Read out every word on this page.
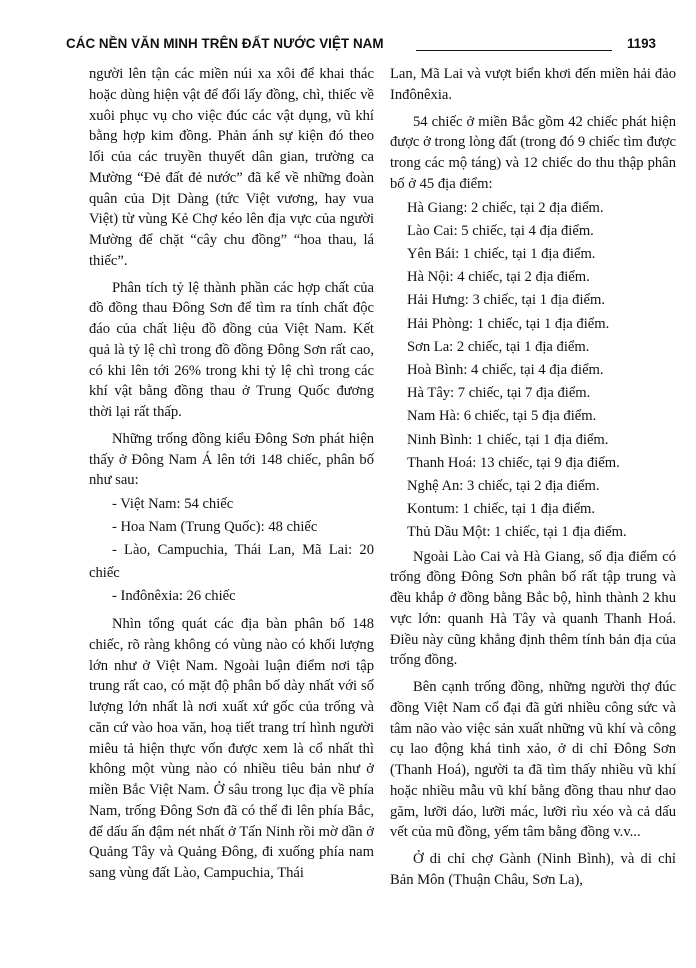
CÁC NỀN VĂN MINH TRÊN ĐẤT NƯỚC VIỆT NAM	1193

người lên tận các miền núi xa xôi để khai thác hoặc dùng hiện vật để đổi lấy đồng, chì, thiếc về xuôi phục vụ cho việc đúc các vật dụng, vũ khí bằng hợp kim đồng. Phản ánh sự kiện đó theo lối của các truyền thuyết dân gian, trường ca Mường “Đẻ đất đẻ nước” đã kể về những đoàn quân của Dịt Dàng (tức Việt vương, hay vua Việt) từ vùng Kẻ Chợ kéo lên địa vực của người Mường để chặt “cây chu đồng” “hoa thau, lá thiếc”.

Phân tích tỷ lệ thành phần các hợp chất của đồ đồng thau Đông Sơn để tìm ra tính chất độc đáo của chất liệu đồ đồng của Việt Nam. Kết quả là tỷ lệ chì trong đồ đồng Đông Sơn rất cao, có khi lên tới 26% trong khi tỷ lệ chì trong các khí vật bằng đồng thau ở Trung Quốc đương thời lại rất thấp.

Những trống đồng kiểu Đông Sơn phát hiện thấy ở Đông Nam Á lên tới 148 chiếc, phân bố như sau:

- Việt Nam: 54 chiếc

- Hoa Nam (Trung Quốc): 48 chiếc

- Lào, Campuchia, Thái Lan, Mã Lai: 20 chiếc

- Inđônêxia: 26 chiếc

Nhìn tổng quát các địa bàn phân bố 148 chiếc, rõ ràng không có vùng nào có khối lượng lớn như ở Việt Nam. Ngoài luận điểm nơi tập trung rất cao, có mặt độ phân bố dày nhất với số lượng lớn nhất là nơi xuất xứ gốc của trống và căn cứ vào hoa văn, hoạ tiết trang trí hình người miêu tả hiện thực vốn được xem là cổ nhất thì không một vùng nào có nhiều tiêu bản như ở miền Bắc Việt Nam. Ở sâu trong lục địa về phía Nam, trống Đông Sơn đã có thể đi lên phía Bắc, để dấu ấn đậm nét nhất ở Tấn Ninh rồi mờ dần ở Quảng Tây và Quảng Đông, đi xuống phía nam sang vùng đất Lào, Campuchia, Thái

Lan, Mã Lai và vượt biển khơi đến miền hải đảo Inđônêxia.

54 chiếc ở miền Bắc gồm 42 chiếc phát hiện được ở trong lòng đất (trong đó 9 chiếc tìm được trong các mộ táng) và 12 chiếc do thu thập phân bố ở 45 địa điểm:

Hà Giang: 2 chiếc, tại 2 địa điểm.

Lào Cai: 5 chiếc, tại 4 địa điểm.

Yên Bái: 1 chiếc, tại 1 địa điểm.

Hà Nội: 4 chiếc, tại 2 địa điểm.

Hải Hưng: 3 chiếc, tại 1 địa điểm.

Hải Phòng: 1 chiếc, tại 1 địa điểm.

Sơn La: 2 chiếc, tại 1 địa điểm.

Hoà Bình: 4 chiếc, tại 4 địa điểm.

Hà Tây: 7 chiếc, tại 7 địa điểm.

Nam Hà: 6 chiếc, tại 5 địa điểm.

Ninh Bình: 1 chiếc, tại 1 địa điểm.

Thanh Hoá: 13 chiếc, tại 9 địa điểm.

Nghệ An: 3 chiếc, tại 2 địa điểm.

Kontum: 1 chiếc, tại 1 địa điểm.

Thủ Dầu Một: 1 chiếc, tại 1 địa điểm.

Ngoài Lào Cai và Hà Giang, số địa điểm có trống đồng Đông Sơn phân bố rất tập trung và đều khắp ở đồng bằng Bắc bộ, hình thành 2 khu vực lớn: quanh Hà Tây và quanh Thanh Hoá. Điều này cũng khẳng định thêm tính bản địa của trống đồng.

Bên cạnh trống đồng, những người thợ đúc đồng Việt Nam cổ đại đã gửi nhiều công sức và tâm não vào việc sản xuất những vũ khí và công cụ lao động khá tinh xảo, ở di chỉ Đông Sơn (Thanh Hoá), người ta đã tìm thấy nhiều vũ khí hoặc nhiều mẫu vũ khí bằng đồng thau như dao găm, lưỡi dáo, lưỡi mác, lưỡi rìu xéo và cả dấu vết của mũ đồng, yếm tâm bằng đồng v.v...

Ở di chỉ chợ Gành (Ninh Bình), và di chỉ Bản Môn (Thuận Châu, Sơn La),
